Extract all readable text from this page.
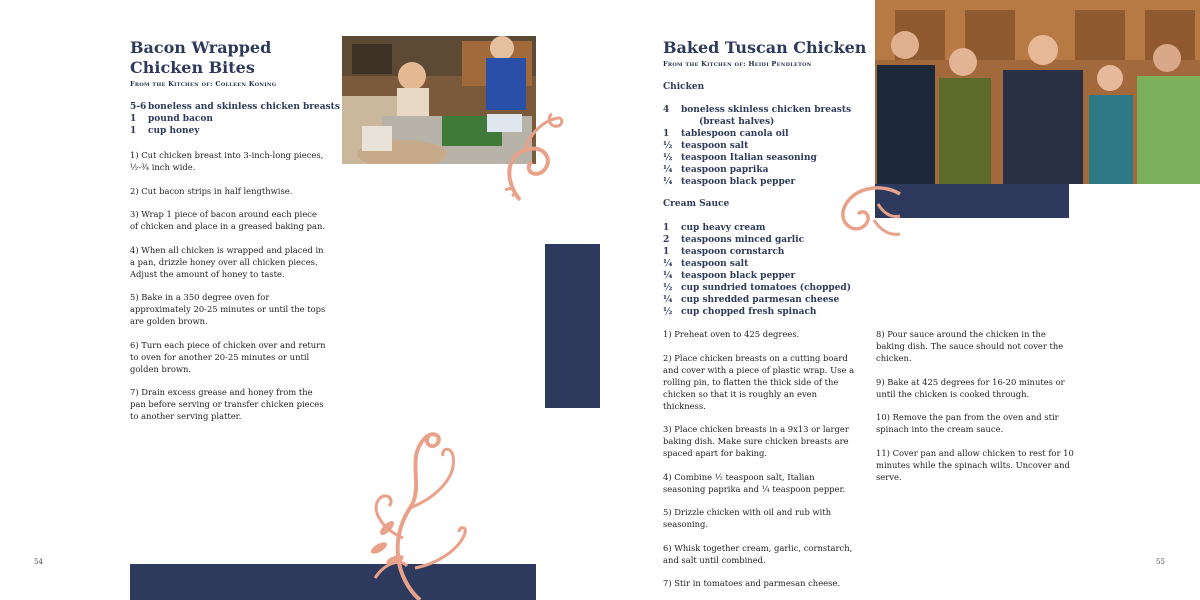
Bacon Wrapped
Chicken Bites
From the Kitchen of: Colleen Koning
5-6 boneless and skinless chicken breasts
1	pound bacon
1	cup honey

1) Cut chicken breast into 3-inch-long pieces, ½-¾ inch wide.

2) Cut bacon strips in half lengthwise.

3) Wrap 1 piece of bacon around each piece of chicken and place in a greased baking pan.

4) When all chicken is wrapped and placed in a pan, drizzle honey over all chicken pieces. Adjust the amount of honey to taste.

5) Bake in a 350 degree oven for approximately 20-25 minutes or until the tops are golden brown.

6) Turn each piece of chicken over and return to oven for another 20-25 minutes or until golden brown.

7) Drain excess grease and honey from the pan before serving or transfer chicken pieces to another serving platter.

54
Baked Tuscan Chicken
From the Kitchen of: Heidi Pendleton
Chicken
4	boneless skinless chicken breasts
(breast halves)
1	tablespoon canola oil
½ teaspoon salt
½ teaspoon Italian seasoning
¼ teaspoon paprika
¼ teaspoon black pepper
Cream Sauce
1	cup heavy cream
2	teaspoons minced garlic
1	teaspoon cornstarch
¼ teaspoon salt
¼ teaspoon black pepper
½ cup sundried tomatoes (chopped)
¼ cup shredded parmesan cheese
½ cup chopped fresh spinach

1) Preheat oven to 425 degrees.

2) Place chicken breasts on a cutting board and cover with a piece of plastic wrap. Use a rolling pin, to flatten the thick side of the chicken so that it is roughly an even thickness.

3) Place chicken breasts in a 9x13 or larger baking dish. Make sure chicken breasts are spaced apart for baking.

4) Combine ½ teaspoon salt, Italian seasoning paprika and ¼ teaspoon pepper.

5) Drizzle chicken with oil and rub with seasoning.

6) Whisk together cream, garlic, cornstarch, and salt until combined.

7) Stir in tomatoes and parmesan cheese.

8) Pour sauce around the chicken in the baking dish. The sauce should not cover the chicken.

9) Bake at 425 degrees for 16-20 minutes or until the chicken is cooked through.

10) Remove the pan from the oven and stir spinach into the cream sauce.

11) Cover pan and allow chicken to rest for 10 minutes while the spinach wilts. Uncover and serve.

55
